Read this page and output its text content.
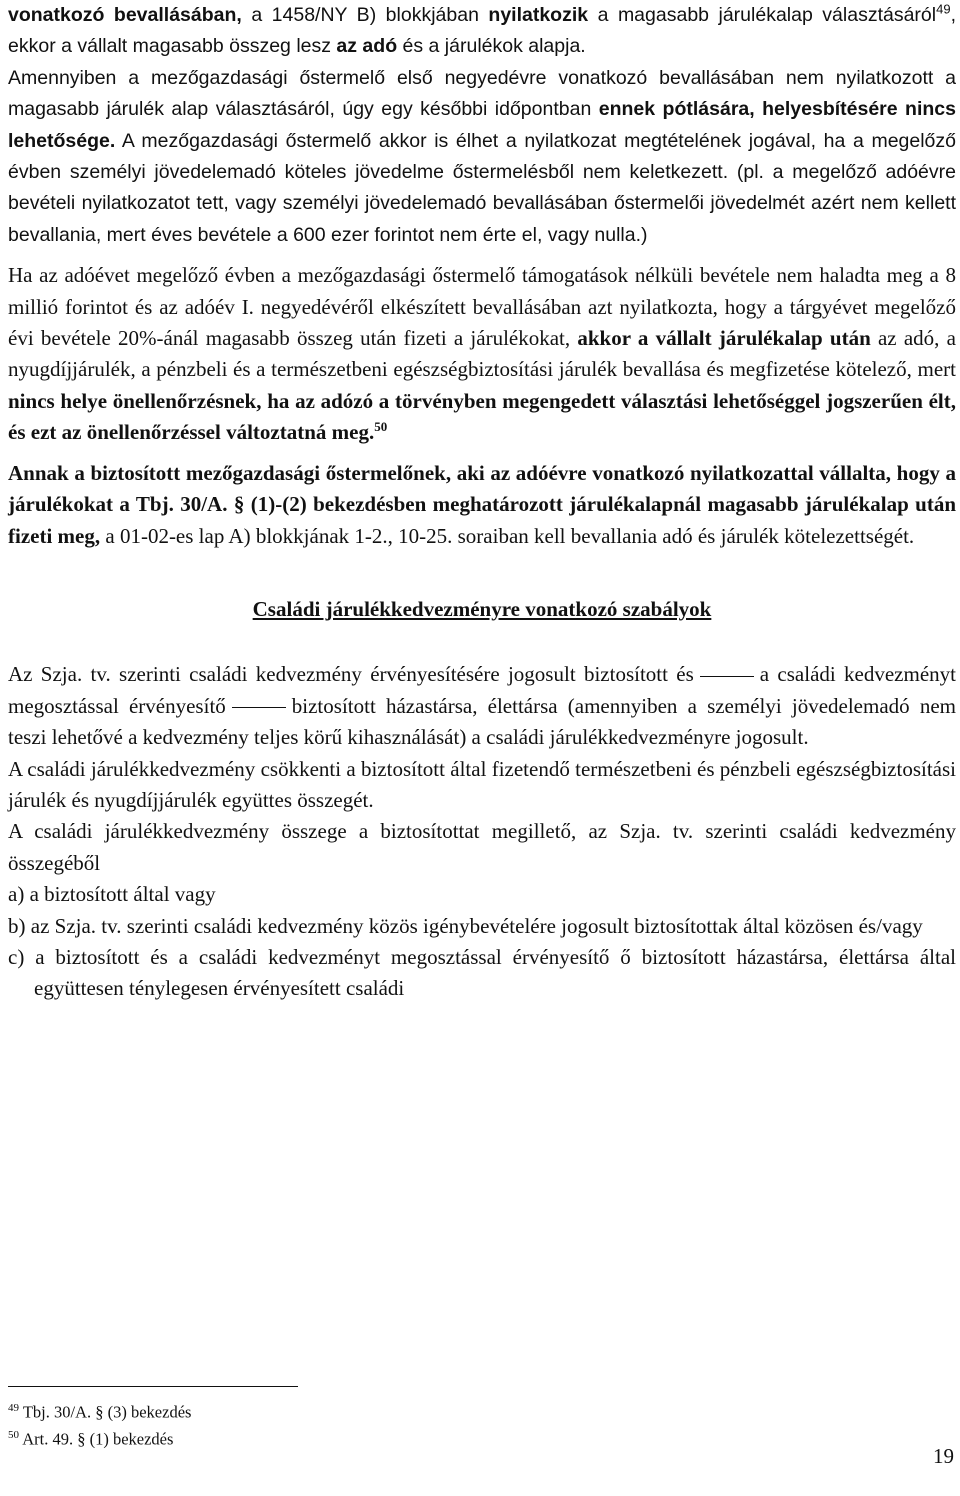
vonatkozó bevallásában, a 1458/NY B) blokkjában nyilatkozik a magasabb járulékalap választásáról$^{49}$, ekkor a vállalt magasabb összeg lesz az adó és a járulékok alapja.

Amennyiben a mezőgazdasági őstermelő első negyedévre vonatkozó bevallásában nem nyilatkozott a magasabb járulék alap választásáról, úgy egy későbbi időpontban ennek pótlására, helyesbítésére nincs lehetősége. A mezőgazdasági őstermelő akkor is élhet a nyilatkozat megtételének jogával, ha a megelőző évben személyi jövedelemadó köteles jövedelme őstermelésből nem keletkezett. (pl. a megelőző adóévre bevételi nyilatkozatot tett, vagy személyi jövedelemadó bevallásában őstermelői jövedelmét azért nem kellett bevallania, mert éves bevétele a 600 ezer forintot nem érte el, vagy nulla.)

Ha az adóévet megelőző évben a mezőgazdasági őstermelő támogatások nélküli bevétele nem haladta meg a 8 millió forintot és az adóév I. negyedévéről elkészített bevallásában azt nyilatkozta, hogy a tárgyévet megelőző évi bevétele 20%-ánál magasabb összeg után fizeti a járulékokat, akkor a vállalt járulékalap után az adó, a nyugdíjjárulék, a pénzbeli és a természetbeni egészségbiztosítási járulék bevallása és megfizetése kötelező, mert nincs helye önellenőrzésnek, ha az adózó a törvényben megengedett választási lehetőséggel jogszerűen élt, és ezt az önellenőrzéssel változtatná meg.$^{50}$

Annak a biztosított mezőgazdasági őstermelőnek, aki az adóévre vonatkozó nyilatkozattal vállalta, hogy a járulékokat a Tbj. 30/A. § (1)-(2) bekezdésben meghatározott járulékalapnál magasabb járulékalap után fizeti meg, a 01-02-es lap A) blokkjának 1-2., 10-25. soraiban kell bevallania adó és járulék kötelezettségét.

Családi járulékkedvezményre vonatkozó szabályok

Az Szja. tv. szerinti családi kedvezmény érvényesítésére jogosult biztosított és	a családi kedvezményt megosztással érvényesítő	biztosított házastársa, élettársa (amennyiben a személyi jövedelemadó nem teszi lehetővé a kedvezmény teljes körű kihasználását) a családi járulékkedvezményre jogosult.

A családi járulékkedvezmény csökkenti a biztosított által fizetendő természetbeni és pénzbeli egészségbiztosítási járulék és nyugdíjjárulék együttes összegét.

A családi járulékkedvezmény összege a biztosítottat megillető, az Szja. tv. szerinti családi kedvezmény összegéből

a) a biztosított által vagy

b) az Szja. tv. szerinti családi kedvezmény közös igénybevételére jogosult biztosítottak által közösen és/vagy

c) a biztosított és a családi kedvezményt megosztással érvényesítő ő biztosított házastársa, élettársa által együttesen ténylegesen érvényesített családi

$^{49}$ Tbj. 30/A. § (3) bekezdés

$^{50}$ Art. 49. § (1) bekezdés

19
